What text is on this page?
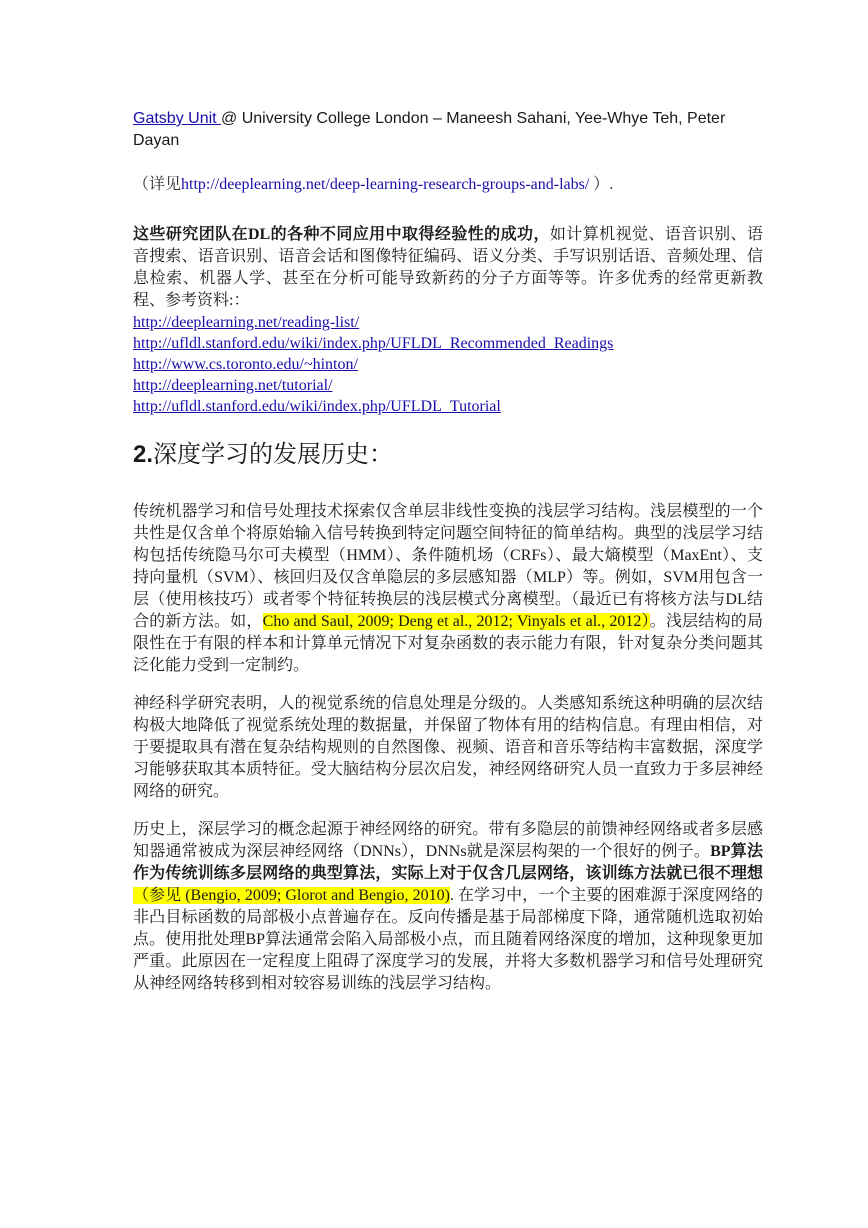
Gatsby Unit @ University College London – Maneesh Sahani, Yee-Whye Teh, Peter Dayan

（详见http://deeplearning.net/deep-learning-research-groups-and-labs/ ）.

这些研究团队在DL的各种不同应用中取得经验性的成功，如计算机视觉、语音识别、语音搜索、语音识别、语音会话和图像特征编码、语义分类、手写识别话语、音频处理、信息检索、机器人学、甚至在分析可能导致新药的分子方面等等。许多优秀的经常更新教程、参考资料:：

http://deeplearning.net/reading-list/
http://ufldl.stanford.edu/wiki/index.php/UFLDL_Recommended_Readings
http://www.cs.toronto.edu/~hinton/
http://deeplearning.net/tutorial/
http://ufldl.stanford.edu/wiki/index.php/UFLDL_Tutorial
2.深度学习的发展历史：

传统机器学习和信号处理技术探索仅含单层非线性变换的浅层学习结构。浅层模型的一个共性是仅含单个将原始输入信号转换到特定问题空间特征的简单结构。典型的浅层学习结构包括传统隐马尔可夫模型（HMM）、条件随机场（CRFs）、最大熵模型（MaxEnt）、支持向量机（SVM）、核回归及仅含单隐层的多层感知器（MLP）等。例如，SVM用包含一层（使用核技巧）或者零个特征转换层的浅层模式分离模型。（最近已有将核方法与DL结合的新方法。如，Cho and Saul, 2009; Deng et al., 2012; Vinyals et al., 2012）。浅层结构的局限性在于有限的样本和计算单元情况下对复杂函数的表示能力有限，针对复杂分类问题其泛化能力受到一定制约。

神经科学研究表明，人的视觉系统的信息处理是分级的。人类感知系统这种明确的层次结构极大地降低了视觉系统处理的数据量，并保留了物体有用的结构信息。有理由相信，对于要提取具有潜在复杂结构规则的自然图像、视频、语音和音乐等结构丰富数据，深度学习能够获取其本质特征。受大脑结构分层次启发，神经网络研究人员一直致力于多层神经网络的研究。

历史上，深层学习的概念起源于神经网络的研究。带有多隐层的前馈神经网络或者多层感知器通常被成为深层神经网络（DNNs），DNNs就是深层构架的一个很好的例子。BP算法作为传统训练多层网络的典型算法，实际上对于仅含几层网络，该训练方法就已很不理想（参见 (Bengio, 2009; Glorot and Bengio, 2010). 在学习中，一个主要的困难源于深度网络的非凸目标函数的局部极小点普遍存在。反向传播是基于局部梯度下降，通常随机选取初始点。使用批处理BP算法通常会陷入局部极小点，而且随着网络深度的增加，这种现象更加严重。此原因在一定程度上阻碍了深度学习的发展，并将大多数机器学习和信号处理研究从神经网络转移到相对较容易训练的浅层学习结构。
